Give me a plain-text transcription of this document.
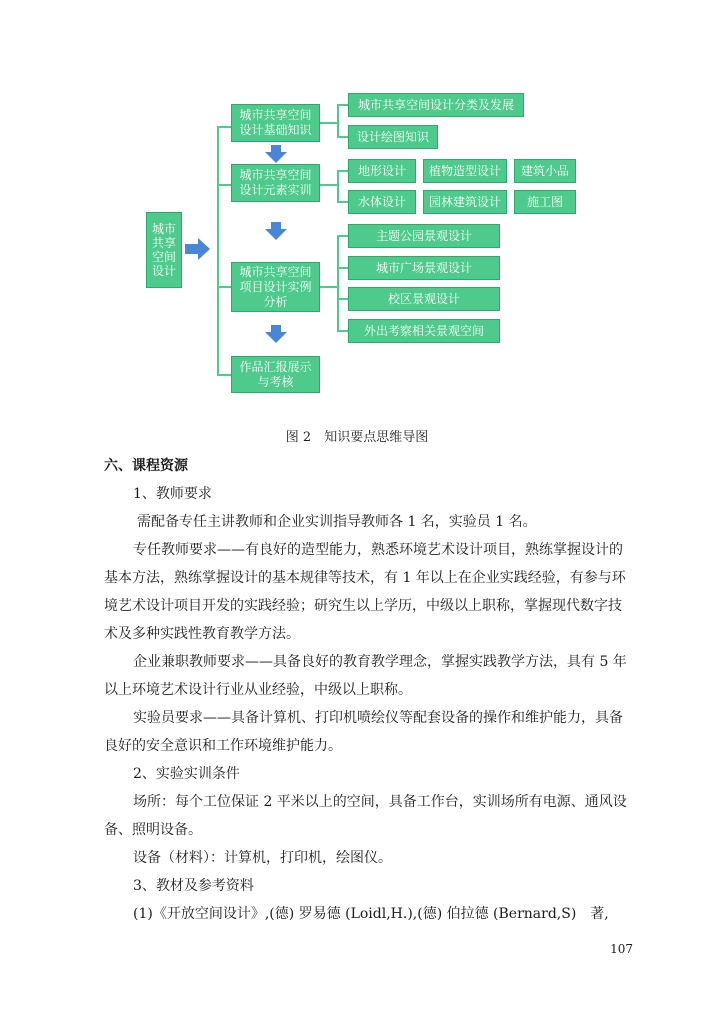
城市
共享
空间
设计
城市共享空间
设计基础知识
城市共享空间
设计元素实训
城市共享空间
项目设计实例
分析
作品汇报展示
与考核
城市共享空间设计分类及发展
设计绘图知识
地形设计	植物造型设计	建筑小品
水体设计	园林建筑设计	施工图
主题公园景观设计
城市广场景观设计
校区景观设计
外出考察相关景观空间
图 2　知识要点思维导图
六、课程资源
1、教师要求
需配备专任主讲教师和企业实训指导教师各 1 名，实验员 1 名。
专任教师要求——有良好的造型能力，熟悉环境艺术设计项目，熟练掌握设计的
基本方法，熟练掌握设计的基本规律等技术，有 1 年以上在企业实践经验，有参与环
境艺术设计项目开发的实践经验；研究生以上学历，中级以上职称，掌握现代数字技
术及多种实践性教育教学方法。
企业兼职教师要求——具备良好的教育教学理念，掌握实践教学方法，具有 5 年
以上环境艺术设计行业从业经验，中级以上职称。
实验员要求——具备计算机、打印机喷绘仪等配套设备的操作和维护能力，具备
良好的安全意识和工作环境维护能力。
2、实验实训条件
场所：每个工位保证 2 平米以上的空间，具备工作台，实训场所有电源、通风设
备、照明设备。
设备（材料）：计算机，打印机，绘图仪。
3、教材及参考资料
(1)《开放空间设计》,(德) 罗易德 (Loidl,H.),(德) 伯拉德 (Bernard,S)　著,
107
